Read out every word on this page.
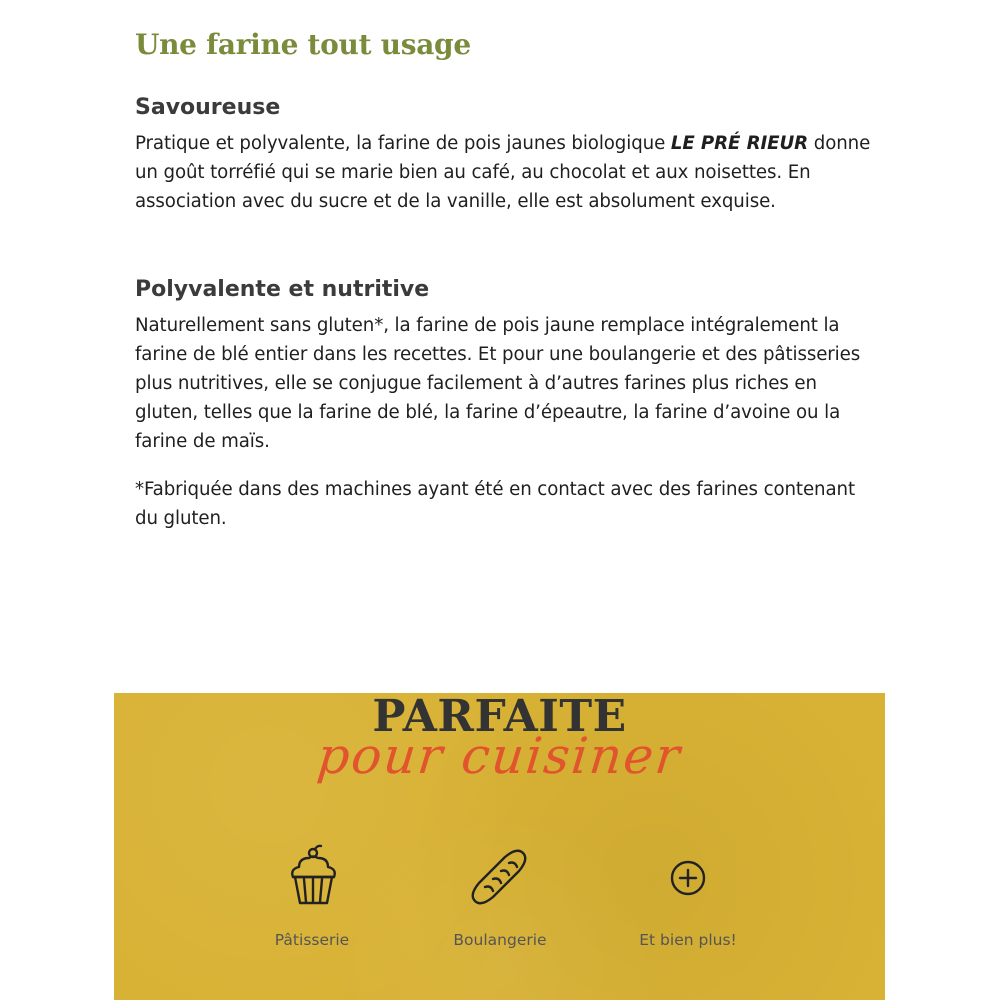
Une farine tout usage
Savoureuse

Pratique et polyvalente, la farine de pois jaunes biologique LE PRÉ RIEUR donne un goût torréfié qui se marie bien au café, au chocolat et aux noisettes. En association avec du sucre et de la vanille, elle est absolument exquise.

Polyvalente et nutritive

Naturellement sans gluten*, la farine de pois jaune remplace intégralement la farine de blé entier dans les recettes. Et pour une boulangerie et des pâtisseries plus nutritives, elle se conjugue facilement à d’autres farines plus riches en gluten, telles que la farine de blé, la farine d’épeautre, la farine d’avoine ou la farine de maïs.

*Fabriquée dans des machines ayant été en contact avec des farines contenant du gluten.

PARFAITE
pour cuisiner
Pâtisserie	Boulangerie	Et bien plus!
